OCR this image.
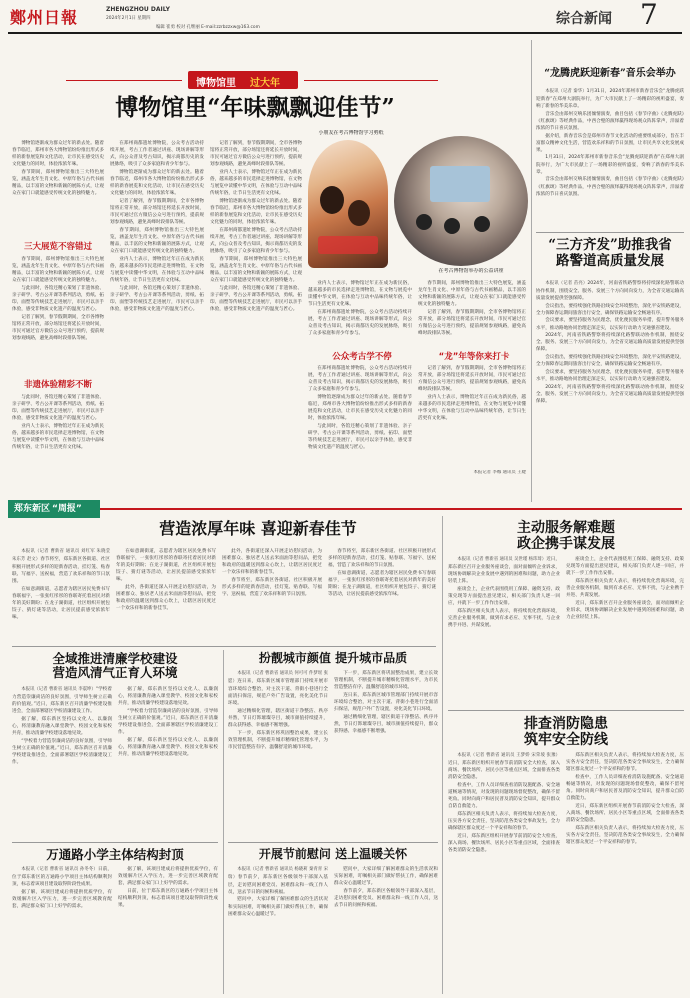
鄭州日報	ZHENGZHOU DAILY
2024年2月1日 星期四
编辑 崔勇 校对 孔继丽 E-mail:zzrbzzxw@163.com
综合新闻 7
博物馆里 过大年
博物馆里“年味飘飘迎佳节”

博物馆逐渐成为群众过年的新去处。随着春节临近，郑州市各大博物馆纷纷推出形式多样的新春展览和文化活动，让市民在感受历史文化魅力的同时，体验浓浓年味。

春节期间，郑州博物馆推出三大特色展览，涵盖龙年生肖文化、中原年俗与古代书画精品，以丰富的文物和新颖的展陈方式，让观众在家门口就能感受传统文化的独特魅力。

三大展览不容错过

春节期间，郑州博物馆推出三大特色展览，涵盖龙年生肖文化、中原年俗与古代书画精品，以丰富的文物和新颖的展陈方式，让观众在家门口就能感受传统文化的独特魅力。

与此同时，各馆还精心策划了非遗体验、亲子研学、考古公开课等系列活动，剪纸、拓印、面塑等传统技艺走进展厅，市民可以亲手体验，感受非物质文化遗产的温度与匠心。

记者了解到，春节假期期间，全市各博物馆将正常开放，部分场馆还将延长开放时间，市民可通过官方微信公众号进行预约，提前规划参观线路，避免高峰时段排队等候。

非遗体验精彩不断

与此同时，各馆还精心策划了非遗体验、亲子研学、考古公开课等系列活动，剪纸、拓印、面塑等传统技艺走进展厅，市民可以亲手体验，感受非物质文化遗产的温度与匠心。

业内人士表示，博物馆过年正在成为新民俗，越来越多的市民选择走进博物馆，在文物与展览中读懂中华文明，在体验与互动中品味传统年俗，让节日生活更有文化味。

在郑州商都遗址博物院，公众考古活动持续开展，考古工作者通过讲座、现场讲解等形式，向公众普及考古知识，揭示商都历史的发展脉络，吸引了众多家庭和青少年参与。

博物馆逐渐成为群众过年的新去处。随着春节临近，郑州市各大博物馆纷纷推出形式多样的新春展览和文化活动，让市民在感受历史文化魅力的同时，体验浓浓年味。

记者了解到，春节假期期间，全市各博物馆将正常开放，部分场馆还将延长开放时间，市民可通过官方微信公众号进行预约，提前规划参观线路，避免高峰时段排队等候。

春节期间，郑州博物馆推出三大特色展览，涵盖龙年生肖文化、中原年俗与古代书画精品，以丰富的文物和新颖的展陈方式，让观众在家门口就能感受传统文化的独特魅力。

业内人士表示，博物馆过年正在成为新民俗，越来越多的市民选择走进博物馆，在文物与展览中读懂中华文明，在体验与互动中品味传统年俗，让节日生活更有文化味。

与此同时，各馆还精心策划了非遗体验、亲子研学、考古公开课等系列活动，剪纸、拓印、面塑等传统技艺走进展厅，市民可以亲手体验，感受非物质文化遗产的温度与匠心。

记者了解到，春节假期期间，全市各博物馆将正常开放，部分场馆还将延长开放时间，市民可通过官方微信公众号进行预约，提前规划参观线路，避免高峰时段排队等候。

业内人士表示，博物馆过年正在成为新民俗，越来越多的市民选择走进博物馆，在文物与展览中读懂中华文明，在体验与互动中品味传统年俗，让节日生活更有文化味。

博物馆逐渐成为群众过年的新去处。随着春节临近，郑州市各大博物馆纷纷推出形式多样的新春展览和文化活动，让市民在感受历史文化魅力的同时，体验浓浓年味。

在郑州商都遗址博物院，公众考古活动持续开展，考古工作者通过讲座、现场讲解等形式，向公众普及考古知识，揭示商都历史的发展脉络，吸引了众多家庭和青少年参与。

春节期间，郑州博物馆推出三大特色展览，涵盖龙年生肖文化、中原年俗与古代书画精品，以丰富的文物和新颖的展陈方式，让观众在家门口就能感受传统文化的独特魅力。

与此同时，各馆还精心策划了非遗体验、亲子研学、考古公开课等系列活动，剪纸、拓印、面塑等传统技艺走进展厅，市民可以亲手体验，感受非物质文化遗产的温度与匠心。

小朋友在考古博物馆学习剪纸
在考古博物馆举办的公益讲座

业内人士表示，博物馆过年正在成为新民俗，越来越多的市民选择走进博物馆，在文物与展览中读懂中华文明，在体验与互动中品味传统年俗，让节日生活更有文化味。

在郑州商都遗址博物院，公众考古活动持续开展，考古工作者通过讲座、现场讲解等形式，向公众普及考古知识，揭示商都历史的发展脉络，吸引了众多家庭和青少年参与。

春节期间，郑州博物馆推出三大特色展览，涵盖龙年生肖文化、中原年俗与古代书画精品，以丰富的文物和新颖的展陈方式，让观众在家门口就能感受传统文化的独特魅力。

记者了解到，春节假期期间，全市各博物馆将正常开放，部分场馆还将延长开放时间，市民可通过官方微信公众号进行预约，提前规划参观线路，避免高峰时段排队等候。

公众考古学不停	“龙”年等你来打卡

在郑州商都遗址博物院，公众考古活动持续开展，考古工作者通过讲座、现场讲解等形式，向公众普及考古知识，揭示商都历史的发展脉络，吸引了众多家庭和青少年参与。

博物馆逐渐成为群众过年的新去处。随着春节临近，郑州市各大博物馆纷纷推出形式多样的新春展览和文化活动，让市民在感受历史文化魅力的同时，体验浓浓年味。

与此同时，各馆还精心策划了非遗体验、亲子研学、考古公开课等系列活动，剪纸、拓印、面塑等传统技艺走进展厅，市民可以亲手体验，感受非物质文化遗产的温度与匠心。

记者了解到，春节假期期间，全市各博物馆将正常开放，部分场馆还将延长开放时间，市民可通过官方微信公众号进行预约，提前规划参观线路，避免高峰时段排队等候。

业内人士表示，博物馆过年正在成为新民俗，越来越多的市民选择走进博物馆，在文物与展览中读懂中华文明，在体验与互动中品味传统年俗，让节日生活更有文化味。

本报记者 李娜 通讯员 王婕
“龙腾虎跃迎新春”音乐会举办

本报讯（记者 秦华）1月31日，2024年郑州市新春音乐会“龙腾虎跃迎新春”在郑州大剧院举行，为广大市民献上了一场精彩的视听盛宴，奏响了新春的华美乐章。

音乐会由郑州交响乐团倾情演奏，曲目包括《春节序曲》《龙腾虎跃》《红旗颂》等经典作品，中西合璧的演绎赢得现场观众阵阵掌声，洋溢着浓浓的节日喜庆氛围。

据介绍，新春音乐会是郑州市春节文化活动的重要组成部分，旨在丰富群众精神文化生活，营造欢乐祥和的节日氛围，让市民共享文化发展成果。

1月31日，2024年郑州市新春音乐会“龙腾虎跃迎新春”在郑州大剧院举行，为广大市民献上了一场精彩的视听盛宴，奏响了新春的华美乐章。

音乐会由郑州交响乐团倾情演奏，曲目包括《春节序曲》《龙腾虎跃》《红旗颂》等经典作品，中西合璧的演绎赢得现场观众阵阵掌声，洋溢着浓浓的节日喜庆氛围。

“三方齐发”助推我省
路警道高质量发展

本报讯（记者 苗亮）2024年，河南省铁路警察将持续深化路警联动协作机制，围绕安全、服务、发展三个方向同向发力，为全省交通运输高质量发展提供坚强保障。

会议指出，要持续强化铁路沿线安全环境整治，深化平安铁路建设，全力保障春运期间旅客出行安全，确保铁路运输安全畅通有序。

会议要求，要坚持服务为民理念，优化便民服务举措，提升警务服务水平，推动路地协同治理走深走实，以实际行动助力交通强省建设。

2024年，河南省铁路警察将持续深化路警联动协作机制，围绕安全、服务、发展三个方向同向发力，为全省交通运输高质量发展提供坚强保障。

会议指出，要持续强化铁路沿线安全环境整治，深化平安铁路建设，全力保障春运期间旅客出行安全，确保铁路运输安全畅通有序。

会议要求，要坚持服务为民理念，优化便民服务举措，提升警务服务水平，推动路地协同治理走深走实，以实际行动助力交通强省建设。

2024年，河南省铁路警察将持续深化路警联动协作机制，围绕安全、服务、发展三个方向同向发力，为全省交通运输高质量发展提供坚强保障。

郑东新区 “周报”
营造浓厚年味 喜迎新春佳节

本报讯（记者 曹新省 通讯员 刘红军 朱晓莹 朱东芳 赵文）春节将至，郑东新区各街道、社区积极开展形式多样的迎新春活动，挂灯笼、贴春联、写福字、送祝福，营造了欢乐祥和的节日氛围。

在如意湖街道，志愿者为辖区居民免费书写春联福字，一张张红彤彤的春联寄托着居民对新年的美好期盼；在龙子湖街道，社区组织开展包饺子、猜灯谜等活动，让居民提前感受浓浓年味。

在如意湖街道，志愿者为辖区居民免费书写春联福字，一张张红彤彤的春联寄托着居民对新年的美好期盼；在龙子湖街道，社区组织开展包饺子、猜灯谜等活动，让居民提前感受浓浓年味。

此外，各街道还深入开展走访慰问活动，为困难群众、独居老人送去米面油等慰问品，把党和政府的温暖送到群众心坎上，让辖区居民度过一个欢乐祥和的新春佳节。

此外，各街道还深入开展走访慰问活动，为困难群众、独居老人送去米面油等慰问品，把党和政府的温暖送到群众心坎上，让辖区居民度过一个欢乐祥和的新春佳节。

春节将至，郑东新区各街道、社区积极开展形式多样的迎新春活动，挂灯笼、贴春联、写福字、送祝福，营造了欢乐祥和的节日氛围。

春节将至，郑东新区各街道、社区积极开展形式多样的迎新春活动，挂灯笼、贴春联、写福字、送祝福，营造了欢乐祥和的节日氛围。

在如意湖街道，志愿者为辖区居民免费书写春联福字，一张张红彤彤的春联寄托着居民对新年的美好期盼；在龙子湖街道，社区组织开展包饺子、猜灯谜等活动，让居民提前感受浓浓年味。

主动服务解难题
政企携手谋发展

本报讯（记者 曹新省 通讯员 吴世瑾 杨玮琦）近日，郑东新区召开企业服务座谈会，面对面倾听企业诉求，现场协调解决企业发展中遇到的困难和问题，助力企业轻装上阵。

座谈会上，企业代表围绕用工保障、融资支持、政策兑现等方面提出意见建议，相关部门负责人逐一回应，并就下一步工作作出安排。

郑东新区相关负责人表示，将持续优化营商环境，完善企业服务机制，做到有求必应、无事不扰，与企业携手并进、共谋发展。

座谈会上，企业代表围绕用工保障、融资支持、政策兑现等方面提出意见建议，相关部门负责人逐一回应，并就下一步工作作出安排。

郑东新区相关负责人表示，将持续优化营商环境，完善企业服务机制，做到有求必应、无事不扰，与企业携手并进、共谋发展。

近日，郑东新区召开企业服务座谈会，面对面倾听企业诉求，现场协调解决企业发展中遇到的困难和问题，助力企业轻装上阵。

排查消防隐患
筑牢安全防线

本报讯（记者 曹新省 通讯员 王梦娇 宋荣坡 张豫）近日，郑东新区组织开展春节前消防安全大检查，深入商场、餐饮场所、居民小区等重点区域，全面排查各类消防安全隐患。

检查中，工作人员详细查看消防设施配备、安全通道畅通等情况，对发现的问题现场督促整改，确保不留死角。同时向商户和居民普及消防安全知识，提升群众自防自救能力。

郑东新区相关负责人表示，将持续加大检查力度，压实各方安全责任，坚决防范各类安全事故发生，全力确保辖区群众度过一个平安祥和的春节。

近日，郑东新区组织开展春节前消防安全大检查，深入商场、餐饮场所、居民小区等重点区域，全面排查各类消防安全隐患。

郑东新区相关负责人表示，将持续加大检查力度，压实各方安全责任，坚决防范各类安全事故发生，全力确保辖区群众度过一个平安祥和的春节。

检查中，工作人员详细查看消防设施配备、安全通道畅通等情况，对发现的问题现场督促整改，确保不留死角。同时向商户和居民普及消防安全知识，提升群众自防自救能力。

近日，郑东新区组织开展春节前消防安全大检查，深入商场、餐饮场所、居民小区等重点区域，全面排查各类消防安全隐患。

郑东新区相关负责人表示，将持续加大检查力度，压实各方安全责任，坚决防范各类安全事故发生，全力确保辖区群众度过一个平安祥和的春节。

全域推进清廉学校建设
营造风清气正育人环境

本报讯（记者 曹新省 通讯员 李震坤）“学校着力营造崇廉尚洁的良好氛围，引导师生树立正确的价值观。”近日，郑东新区召开清廉学校建设推进会，全面部署辖区学校清廉建设工作。

据了解，郑东新区坚持以文化人、以廉润心，将清廉教育融入课堂教学、校园文化和家校共育，推动清廉学校建设落地见效。

“学校着力营造崇廉尚洁的良好氛围，引导师生树立正确的价值观。”近日，郑东新区召开清廉学校建设推进会，全面部署辖区学校清廉建设工作。

据了解，郑东新区坚持以文化人、以廉润心，将清廉教育融入课堂教学、校园文化和家校共育，推动清廉学校建设落地见效。

“学校着力营造崇廉尚洁的良好氛围，引导师生树立正确的价值观。”近日，郑东新区召开清廉学校建设推进会，全面部署辖区学校清廉建设工作。

据了解，郑东新区坚持以文化人、以廉润心，将清廉教育融入课堂教学、校园文化和家校共育，推动清廉学校建设落地见效。

万通路小学主体结构封顶

本报讯（记者 曹新省 通讯员 孙冬冬）日前，位于郑东新区的万通路小学项目主体结构顺利封顶，标志着该项目建设取得阶段性成果。

据了解，该项目建成后将提供优质学位，有效缓解片区入学压力，进一步完善区域教育配套，满足群众家门口上好学的需求。

据了解，该项目建成后将提供优质学位，有效缓解片区入学压力，进一步完善区域教育配套，满足群众家门口上好学的需求。

日前，位于郑东新区的万通路小学项目主体结构顺利封顶，标志着该项目建设取得阶段性成果。

扮靓城市颜值 提升城市品质

本报讯（记者 曹新省 通讯员 何可可 件梦瑶 张愿）连日来，郑东新区城市管理部门持续开展市容环境综合整治，对主次干道、背街小巷进行全面清扫保洁，规范户外广告设置，亮化美化节日环境。

通过精细化管理，辖区街道干净整洁、秩序井然，节日灯饰璀璨夺目，城市颜值持续提升，群众获得感、幸福感不断增强。

下一步，郑东新区将巩固整治成果，建立长效管理机制，不断提升城市精细化管理水平，为市民营造整洁有序、温馨舒适的城市环境。

下一步，郑东新区将巩固整治成果，建立长效管理机制，不断提升城市精细化管理水平，为市民营造整洁有序、温馨舒适的城市环境。

连日来，郑东新区城市管理部门持续开展市容环境综合整治，对主次干道、背街小巷进行全面清扫保洁，规范户外广告设置，亮化美化节日环境。

通过精细化管理，辖区街道干净整洁、秩序井然，节日灯饰璀璨夺目，城市颜值持续提升，群众获得感、幸福感不断增强。

开展节前慰问 送上温暖关怀

本报讯（记者 曹新省 通讯员 杨晓莉 秦青青 宋瑞）春节前夕，郑东新区各级领导干部深入基层，走访慰问困难党员、困难群众和一线工作人员，送去节日的问候和祝福。

慰问中，大家详细了解困难群众的生活状况和实际困难，叮嘱相关部门做好帮扶工作，确保困难群众安心温暖过节。

慰问中，大家详细了解困难群众的生活状况和实际困难，叮嘱相关部门做好帮扶工作，确保困难群众安心温暖过节。

春节前夕，郑东新区各级领导干部深入基层，走访慰问困难党员、困难群众和一线工作人员，送去节日的问候和祝福。
